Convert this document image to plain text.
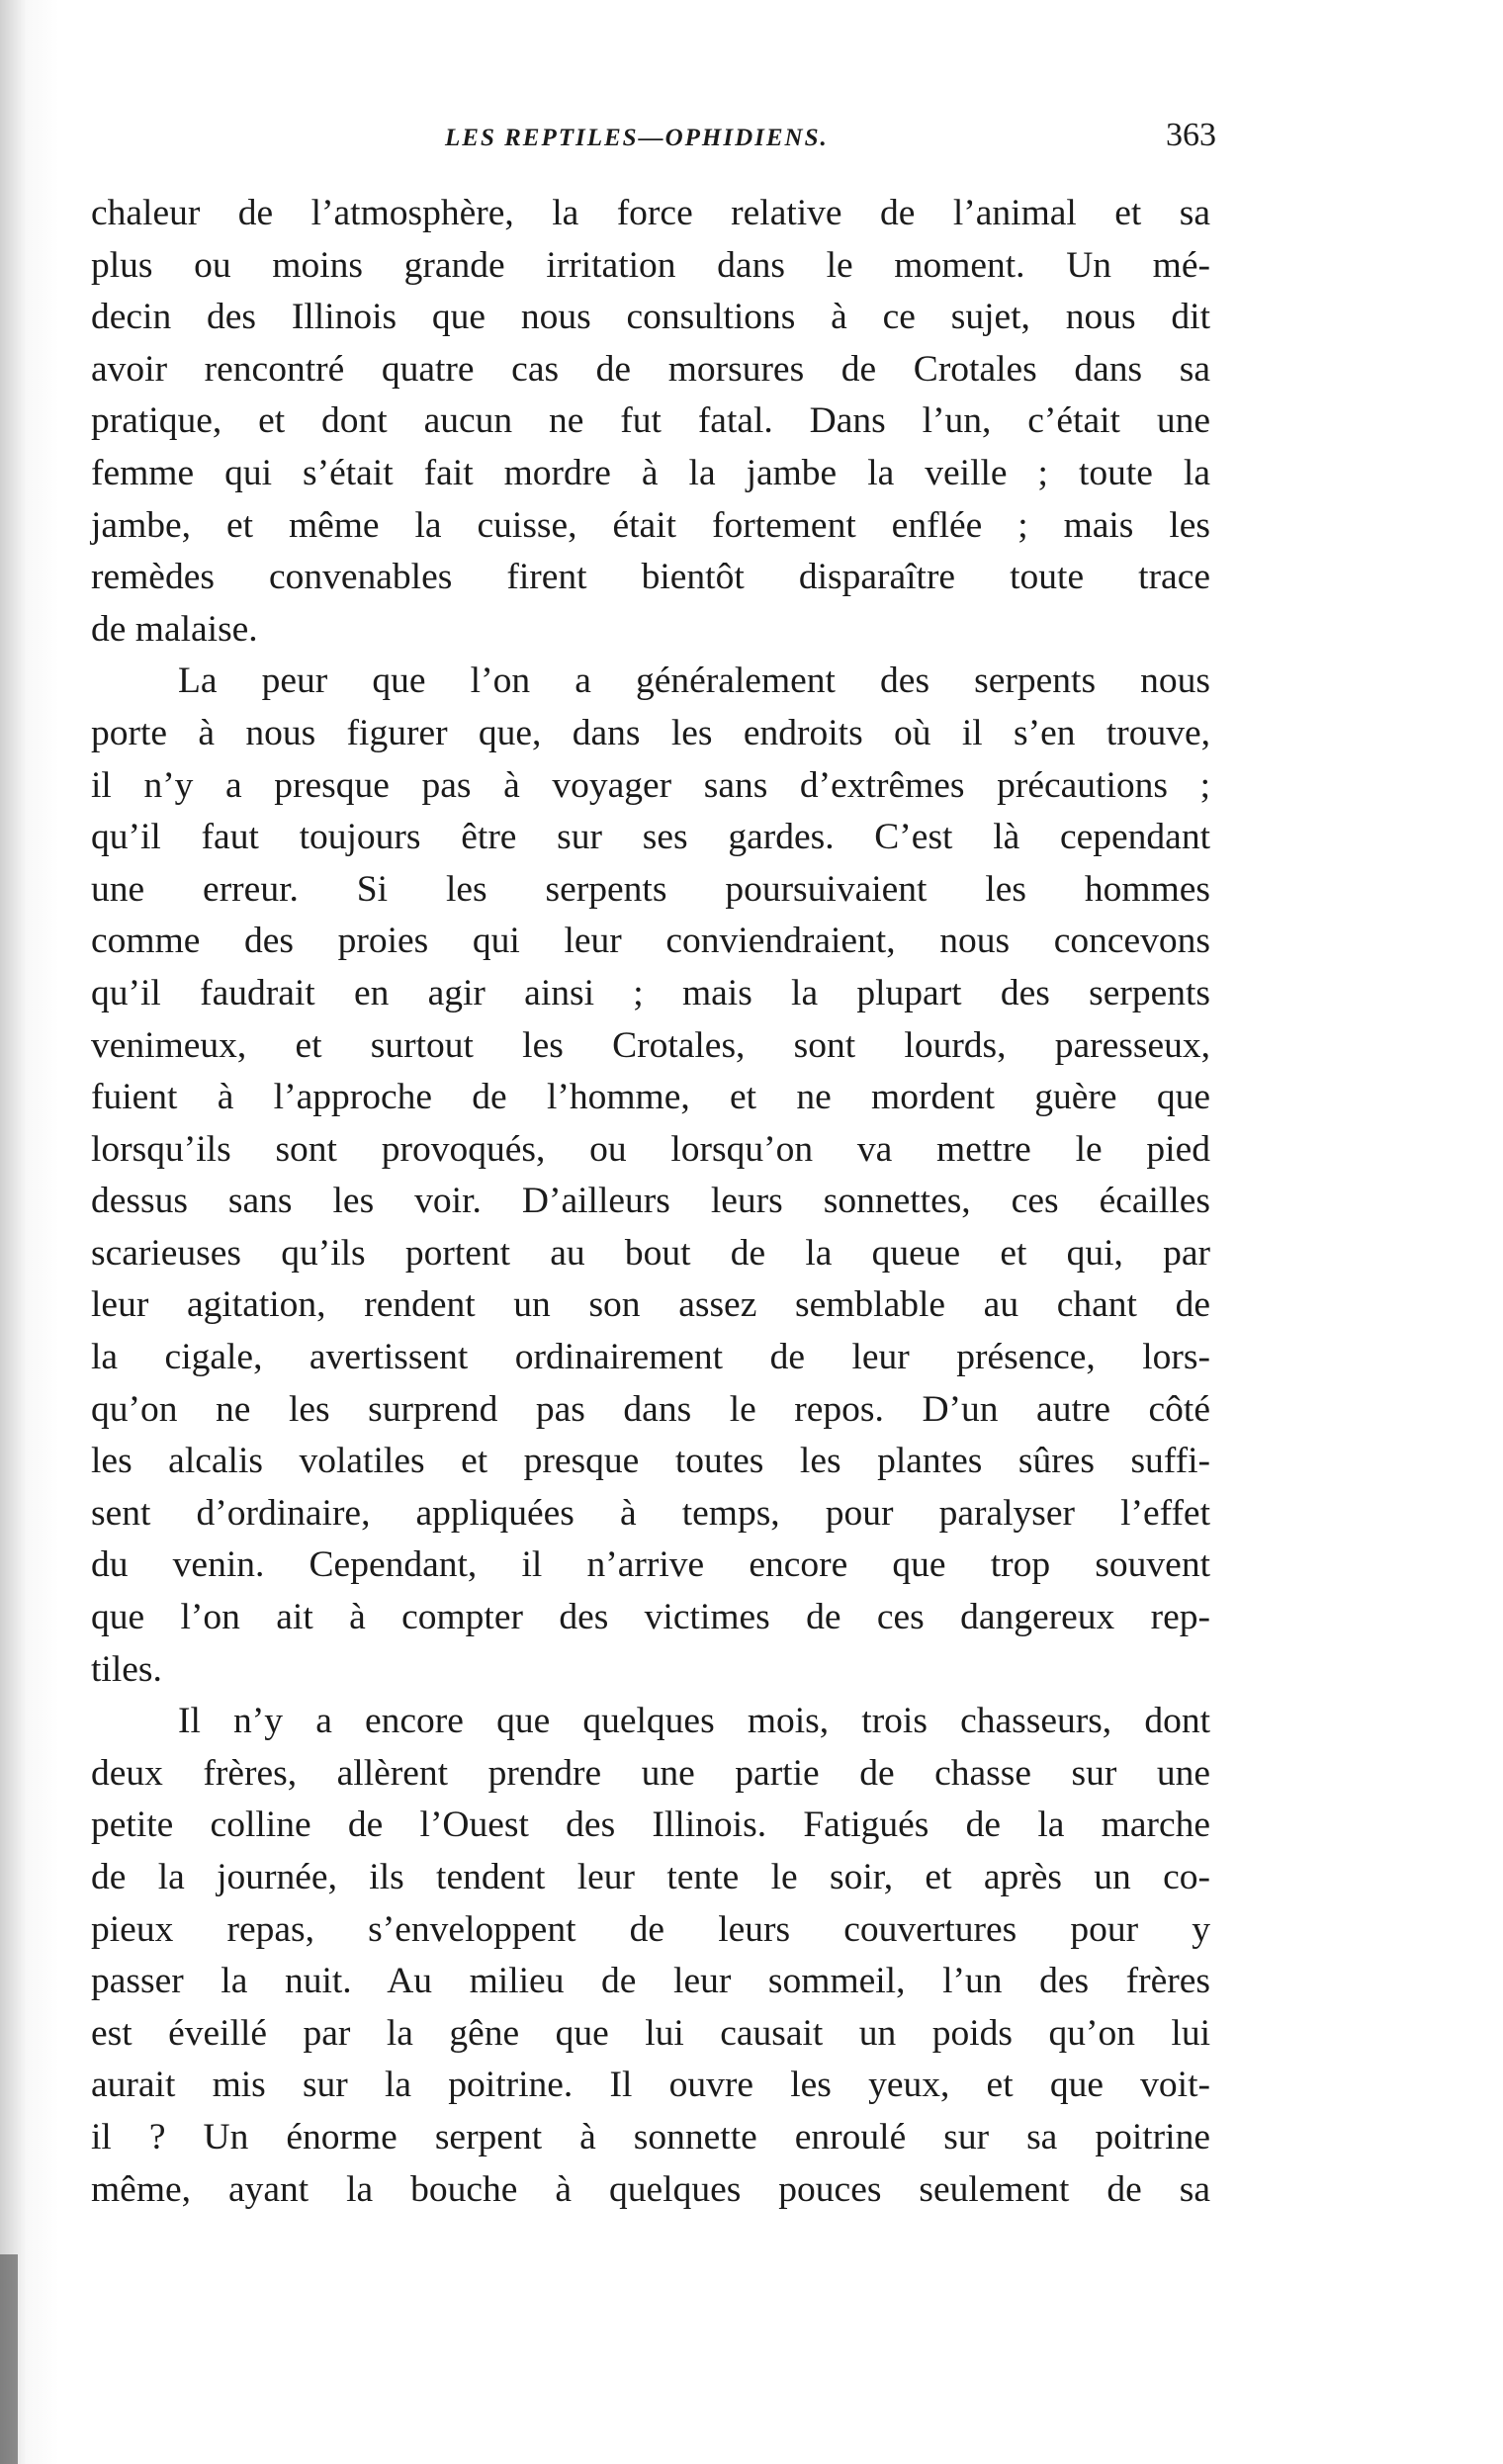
LES REPTILES—OPHIDIENS.	363
chaleur de l’atmosphère, la force relative de l’animal et sa
plus ou moins grande irritation dans le moment. Un mé-
decin des Illinois que nous consultions à ce sujet, nous dit
avoir rencontré quatre cas de morsures de Crotales dans sa
pratique, et dont aucun ne fut fatal. Dans l’un, c’était une
femme qui s’était fait mordre à la jambe la veille ; toute la
jambe, et même la cuisse, était fortement enflée ; mais les
remèdes convenables firent bientôt disparaître toute trace
de malaise.
La peur que l’on a généralement des serpents nous
porte à nous figurer que, dans les endroits où il s’en trouve,
il n’y a presque pas à voyager sans d’extrêmes précautions ;
qu’il faut toujours être sur ses gardes. C’est là cependant
une erreur. Si les serpents poursuivaient les hommes
comme des proies qui leur conviendraient, nous concevons
qu’il faudrait en agir ainsi ; mais la plupart des serpents
venimeux, et surtout les Crotales, sont lourds, paresseux,
fuient à l’approche de l’homme, et ne mordent guère que
lorsqu’ils sont provoqués, ou lorsqu’on va mettre le pied
dessus sans les voir. D’ailleurs leurs sonnettes, ces écailles
scarieuses qu’ils portent au bout de la queue et qui, par
leur agitation, rendent un son assez semblable au chant de
la cigale, avertissent ordinairement de leur présence, lors-
qu’on ne les surprend pas dans le repos. D’un autre côté
les alcalis volatiles et presque toutes les plantes sûres suffi-
sent d’ordinaire, appliquées à temps, pour paralyser l’effet
du venin. Cependant, il n’arrive encore que trop souvent
que l’on ait à compter des victimes de ces dangereux rep-
tiles.
Il n’y a encore que quelques mois, trois chasseurs, dont
deux frères, allèrent prendre une partie de chasse sur une
petite colline de l’Ouest des Illinois. Fatigués de la marche
de la journée, ils tendent leur tente le soir, et après un co-
pieux repas, s’enveloppent de leurs couvertures pour y
passer la nuit. Au milieu de leur sommeil, l’un des frères
est éveillé par la gêne que lui causait un poids qu’on lui
aurait mis sur la poitrine. Il ouvre les yeux, et que voit-
il ? Un énorme serpent à sonnette enroulé sur sa poitrine
même, ayant la bouche à quelques pouces seulement de sa
